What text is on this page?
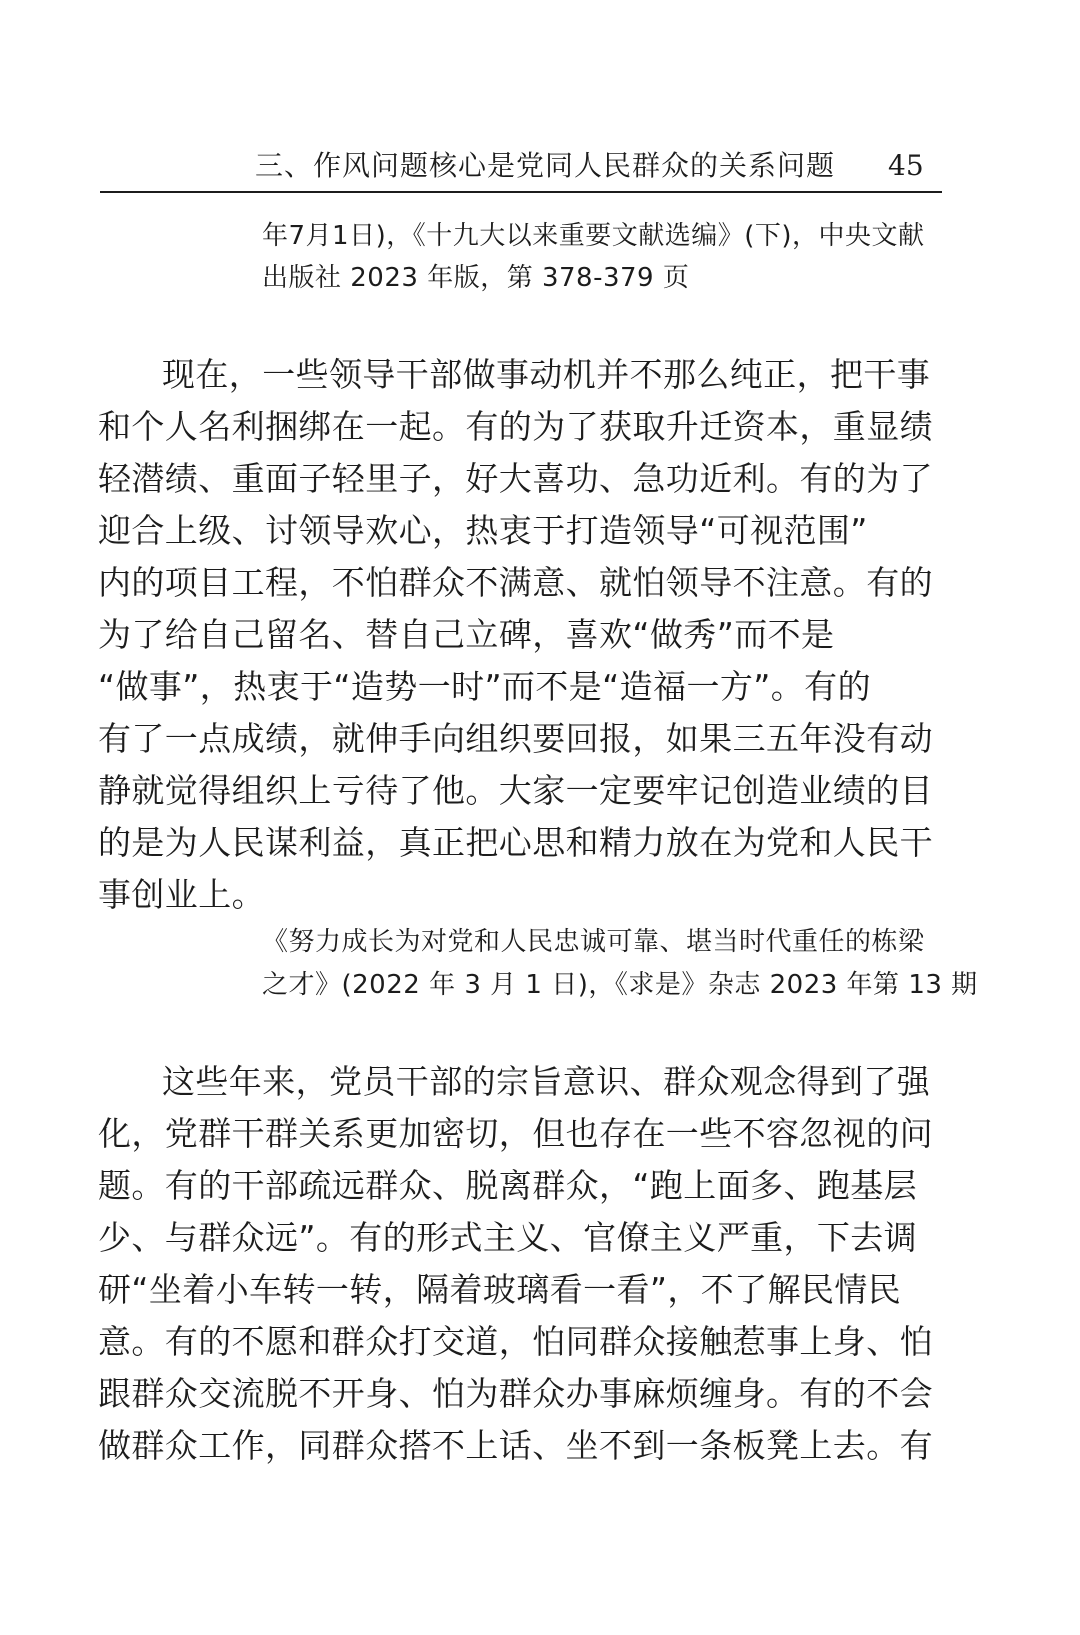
三、作风问题核心是党同人民群众的关系问题 45

年7月1日)，《十九大以来重要文献选编》(下)，中央文献

出版社 2023 年版，第 378-379 页

现在，一些领导干部做事动机并不那么纯正，把干事

和个人名利捆绑在一起。有的为了获取升迁资本，重显绩

轻潜绩、重面子轻里子，好大喜功、急功近利。有的为了

迎合上级、讨领导欢心，热衷于打造领导“可视范围”

内的项目工程，不怕群众不满意、就怕领导不注意。有的

为了给自己留名、替自己立碑，喜欢“做秀”而不是

“做事”，热衷于“造势一时”而不是“造福一方”。有的

有了一点成绩，就伸手向组织要回报，如果三五年没有动

静就觉得组织上亏待了他。大家一定要牢记创造业绩的目

的是为人民谋利益，真正把心思和精力放在为党和人民干

事创业上。

《努力成长为对党和人民忠诚可靠、堪当时代重任的栋梁

之才》(2022 年 3 月 1 日)，《求是》杂志 2023 年第 13 期

这些年来，党员干部的宗旨意识、群众观念得到了强

化，党群干群关系更加密切，但也存在一些不容忽视的问

题。有的干部疏远群众、脱离群众，“跑上面多、跑基层

少、与群众远”。有的形式主义、官僚主义严重，下去调

研“坐着小车转一转，隔着玻璃看一看”，不了解民情民

意。有的不愿和群众打交道，怕同群众接触惹事上身、怕

跟群众交流脱不开身、怕为群众办事麻烦缠身。有的不会

做群众工作，同群众搭不上话、坐不到一条板凳上去。有
